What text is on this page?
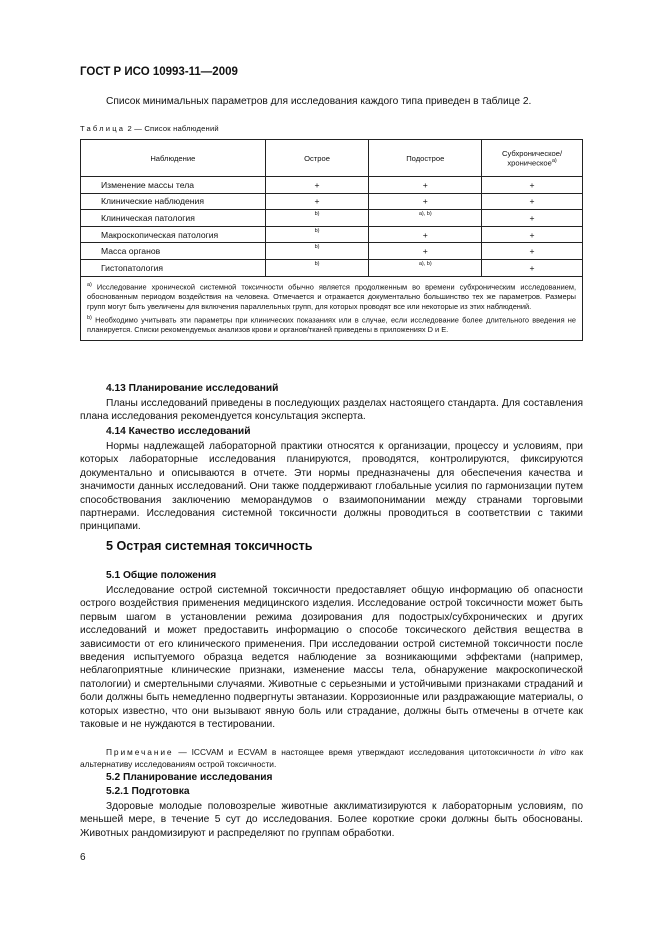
ГОСТ Р ИСО 10993-11—2009
Список минимальных параметров для исследования каждого типа приведен в таблице 2.
Таблица 2 — Список наблюдений
Наблюдение	Острое	Подострое	Субхроническое/ хроническое$^{а)}$
Изменение массы тела	+	+	+
Клинические наблюдения	+	+	+
Клиническая патология	b)	a), b)	+
Макроскопическая патология	b)	+	+
Масса органов	b)	+	+
Гистопатология	b)	a), b)	+

$^{а)}$ Исследование хронической системной токсичности обычно является продолженным во времени субхроническим исследованием, обоснованным периодом воздействия на человека. Отмечается и отражается документально большинство тех же параметров. Размеры групп могут быть увеличены для включения параллельных групп, для которых проводят все или некоторые из этих наблюдений.
$^{b)}$ Необходимо учитывать эти параметры при клинических показаниях или в случае, если исследование более длительного введения не планируется. Списки рекомендуемых анализов крови и органов/тканей приведены в приложениях D и E.			
4.13 Планирование исследований
Планы исследований приведены в последующих разделах настоящего стандарта. Для составления плана исследования рекомендуется консультация эксперта.
4.14 Качество исследований
Нормы надлежащей лабораторной практики относятся к организации, процессу и условиям, при которых лабораторные исследования планируются, проводятся, контролируются, фиксируются документально и описываются в отчете. Эти нормы предназначены для обеспечения качества и значимости данных исследований. Они также поддерживают глобальные усилия по гармонизации путем способствования заключению меморандумов о взаимопонимании между странами торговыми партнерами. Исследования системной токсичности должны проводиться в соответствии с такими принципами.
5 Острая системная токсичность
5.1 Общие положения
Исследование острой системной токсичности предоставляет общую информацию об опасности острого воздействия применения медицинского изделия. Исследование острой токсичности может быть первым шагом в установлении режима дозирования для подострых/субхронических и других исследований и может предоставить информацию о способе токсического действия вещества в зависимости от его клинического применения. При исследовании острой системной токсичности после введения испытуемого образца ведется наблюдение за возникающими эффектами (например, неблагоприятные клинические признаки, изменение массы тела, обнаружение макроскопической патологии) и смертельными случаями. Животные с серьезными и устойчивыми признаками страданий и боли должны быть немедленно подвергнуты эвтаназии. Коррозионные или раздражающие материалы, о которых известно, что они вызывают явную боль или страдание, должны быть отмечены в отчете как таковые и не нуждаются в тестировании.
Примечание — ICCVAM и ECVAM в настоящее время утверждают исследования цитотоксичности in vitro как альтернативу исследованиям острой токсичности.
5.2 Планирование исследования
5.2.1 Подготовка
Здоровые молодые половозрелые животные акклиматизируются к лабораторным условиям, по меньшей мере, в течение 5 сут до исследования. Более короткие сроки должны быть обоснованы. Животных рандомизируют и распределяют по группам обработки.
6
